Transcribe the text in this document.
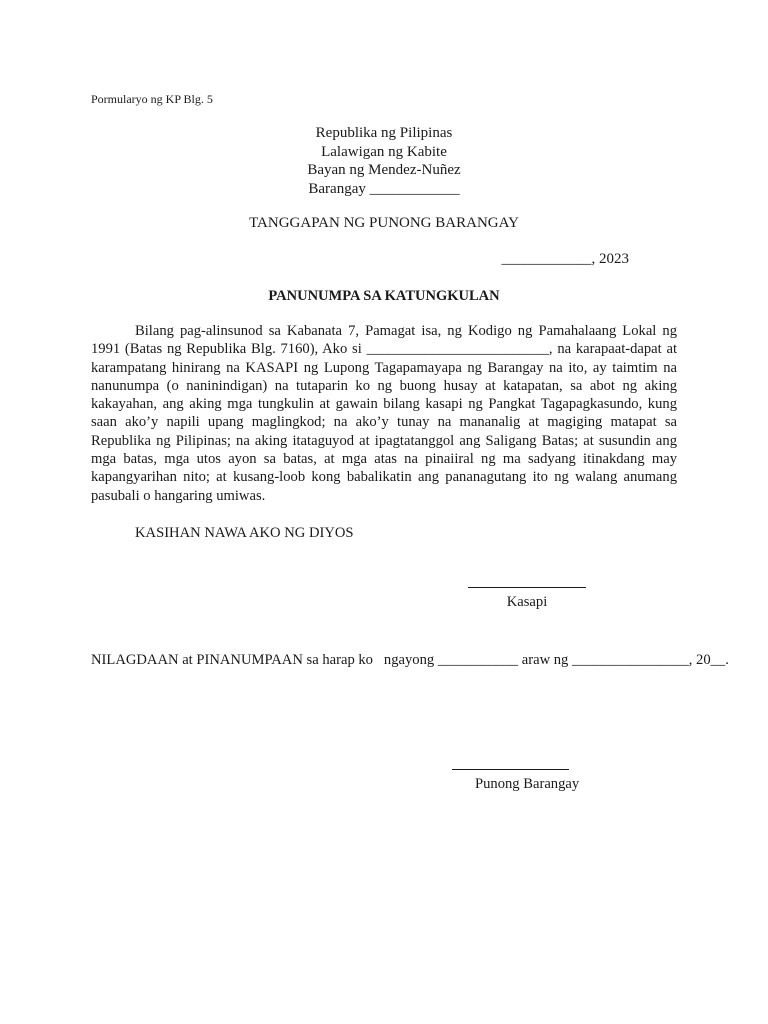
Pormularyo ng KP Blg. 5
Republika ng Pilipinas
Lalawigan ng Kabite
Bayan ng Mendez-Nuñez
Barangay ____________
TANGGAPAN NG PUNONG BARANGAY
____________, 2023
PANUNUMPA SA KATUNGKULAN
Bilang pag-alinsunod sa Kabanata 7, Pamagat isa, ng Kodigo ng Pamahalaang Lokal ng 1991 (Batas ng Republika Blg. 7160), Ako si _________________________, na karapaat-dapat at karampatang hinirang na KASAPI ng Lupong Tagapamayapa ng Barangay na ito, ay taimtim na nanunumpa (o naninindigan) na tutaparin ko ng buong husay at katapatan, sa abot ng aking kakayahan, ang aking mga tungkulin at gawain bilang kasapi ng Pangkat Tagapagkasundo, kung saan ako’y napili upang maglingkod; na ako’y tunay na mananalig at magiging matapat sa Republika ng Pilipinas; na aking itataguyod at ipagtatanggol ang Saligang Batas; at susundin ang mga batas, mga utos ayon sa batas, at mga atas na pinaiiral ng ma sadyang itinakdang may kapangyarihan nito; at kusang-loob kong babalikatin ang pananagutang ito ng walang anumang pasubali o hangaring umiwas.
KASIHAN NAWA AKO NG DIYOS
Kasapi
NILAGDAAN at PINANUMPAAN sa harap ko   ngayong ___________ araw ng ________________, 20__.
Punong Barangay
